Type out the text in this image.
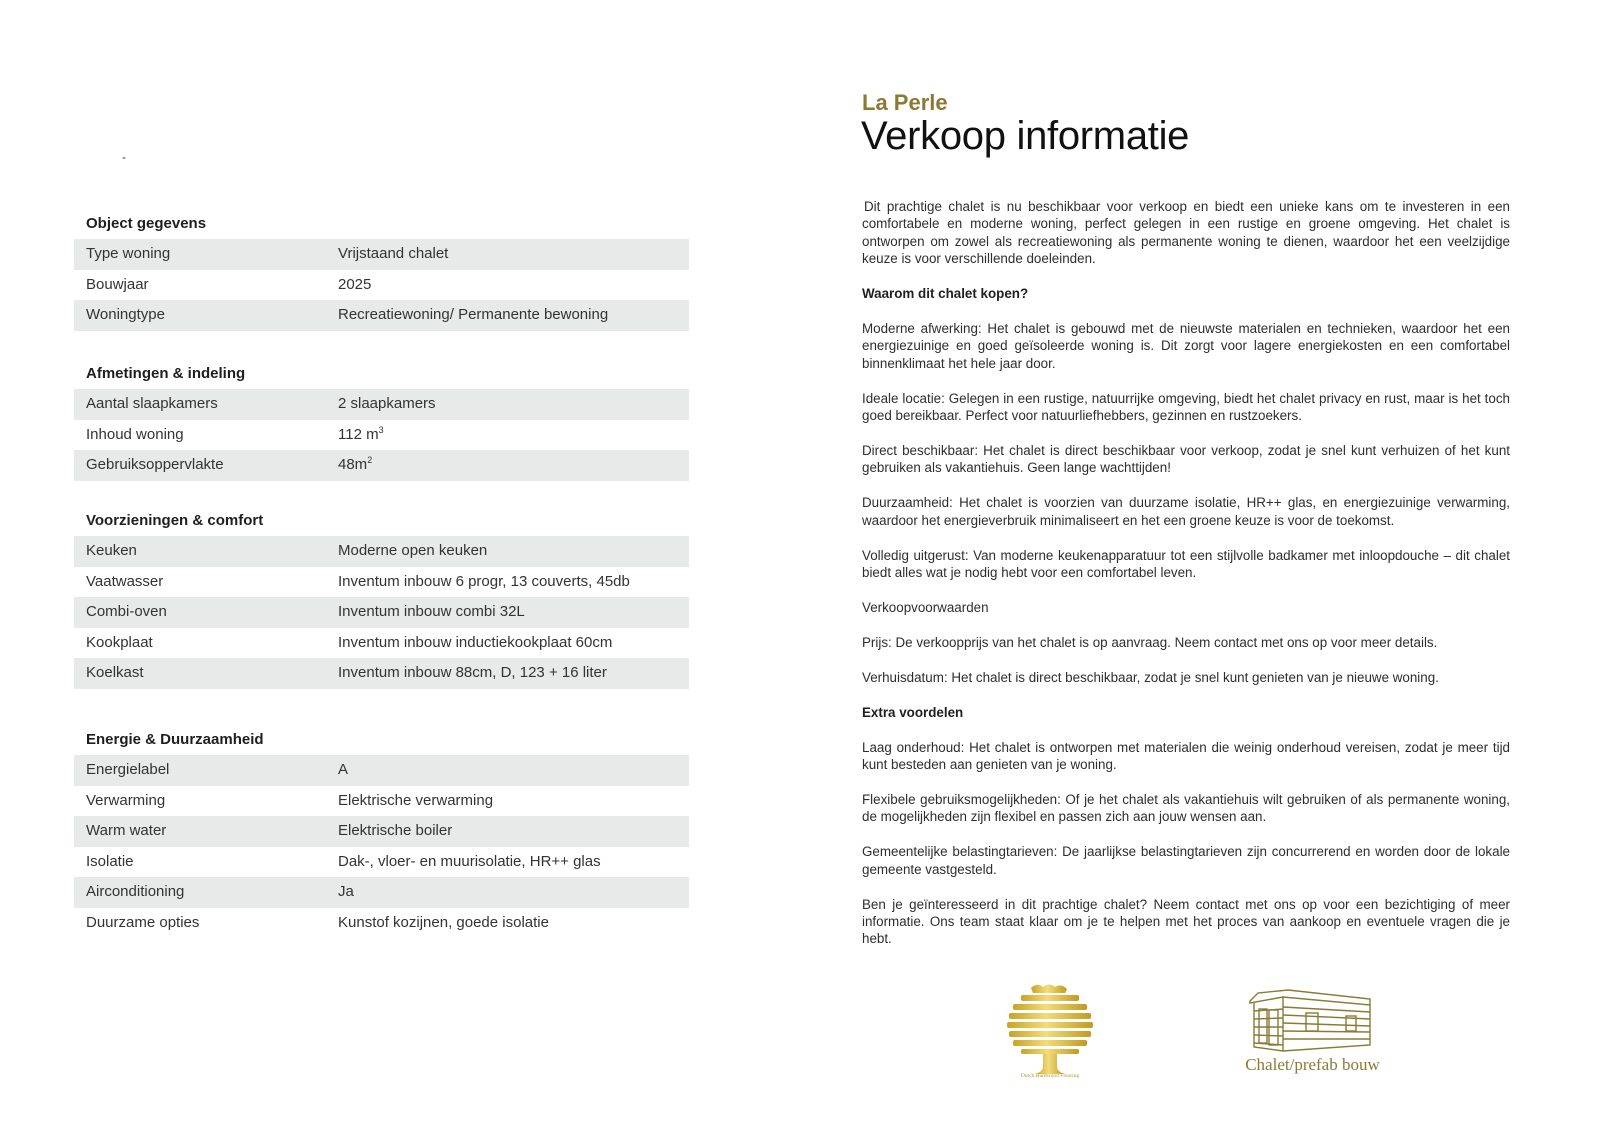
-
Object gegevens
Type woning	Vrijstaand chalet
Bouwjaar	2025
Woningtype	Recreatiewoning/ Permanente bewoning
Afmetingen & indeling
Aantal slaapkamers	2 slaapkamers
Inhoud woning	112 $m^3$
Gebruiksoppervlakte	$48m^2$
Voorzieningen & comfort
Keuken	Moderne open keuken
Vaatwasser	Inventum inbouw 6 progr, 13 couverts, 45db
Combi-oven	Inventum inbouw combi 32L
Kookplaat	Inventum inbouw inductiekookplaat 60cm
Koelkast	Inventum inbouw 88cm, D, 123 + 16 liter
Energie & Duurzaamheid
Energielabel	A
Verwarming	Elektrische verwarming
Warm water	Elektrische boiler
Isolatie	Dak-, vloer- en muurisolatie, HR++ glas
Airconditioning	Ja
Duurzame opties	Kunstof kozijnen, goede isolatie
La Perle
Verkoop informatie

Dit prachtige chalet is nu beschikbaar voor verkoop en biedt een unieke kans om te investeren in een comfortabele en moderne woning, perfect gelegen in een rustige en groene omgeving. Het chalet is ontworpen om zowel als recreatiewoning als permanente woning te dienen, waardoor het een veelzijdige keuze is voor verschillende doeleinden.

Waarom dit chalet kopen?

Moderne afwerking: Het chalet is gebouwd met de nieuwste materialen en technieken, waardoor het een energiezuinige en goed geïsoleerde woning is. Dit zorgt voor lagere energiekosten en een comfortabel binnenklimaat het hele jaar door.

Ideale locatie: Gelegen in een rustige, natuurrijke omgeving, biedt het chalet privacy en rust, maar is het toch goed bereikbaar. Perfect voor natuurliefhebbers, gezinnen en rustzoekers.

Direct beschikbaar: Het chalet is direct beschikbaar voor verkoop, zodat je snel kunt verhuizen of het kunt gebruiken als vakantiehuis. Geen lange wachttijden!

Duurzaamheid: Het chalet is voorzien van duurzame isolatie, HR++ glas, en energiezuinige verwarming, waardoor het energieverbruik minimaliseert en het een groene keuze is voor de toekomst.

Volledig uitgerust: Van moderne keukenapparatuur tot een stijlvolle badkamer met inloopdouche – dit chalet biedt alles wat je nodig hebt voor een comfortabel leven.

Verkoopvoorwaarden

Prijs: De verkoopprijs van het chalet is op aanvraag. Neem contact met ons op voor meer details.

Verhuisdatum: Het chalet is direct beschikbaar, zodat je snel kunt genieten van je nieuwe woning.

Extra voordelen

Laag onderhoud: Het chalet is ontworpen met materialen die weinig onderhoud vereisen, zodat je meer tijd kunt besteden aan genieten van je woning.

Flexibele gebruiksmogelijkheden: Of je het chalet als vakantiehuis wilt gebruiken of als permanente woning, de mogelijkheden zijn flexibel en passen zich aan jouw wensen aan.

Gemeentelijke belastingtarieven: De jaarlijkse belastingtarieven zijn concurrerend en worden door de lokale gemeente vastgesteld.

Ben je geïnteresseerd in dit prachtige chalet? Neem contact met ons op voor een bezichtiging of meer informatie. Ons team staat klaar om je te helpen met het proces van aankoop en eventuele vragen die je hebt.

Dutch Hardwood Flooring
Chalet/prefab bouw
